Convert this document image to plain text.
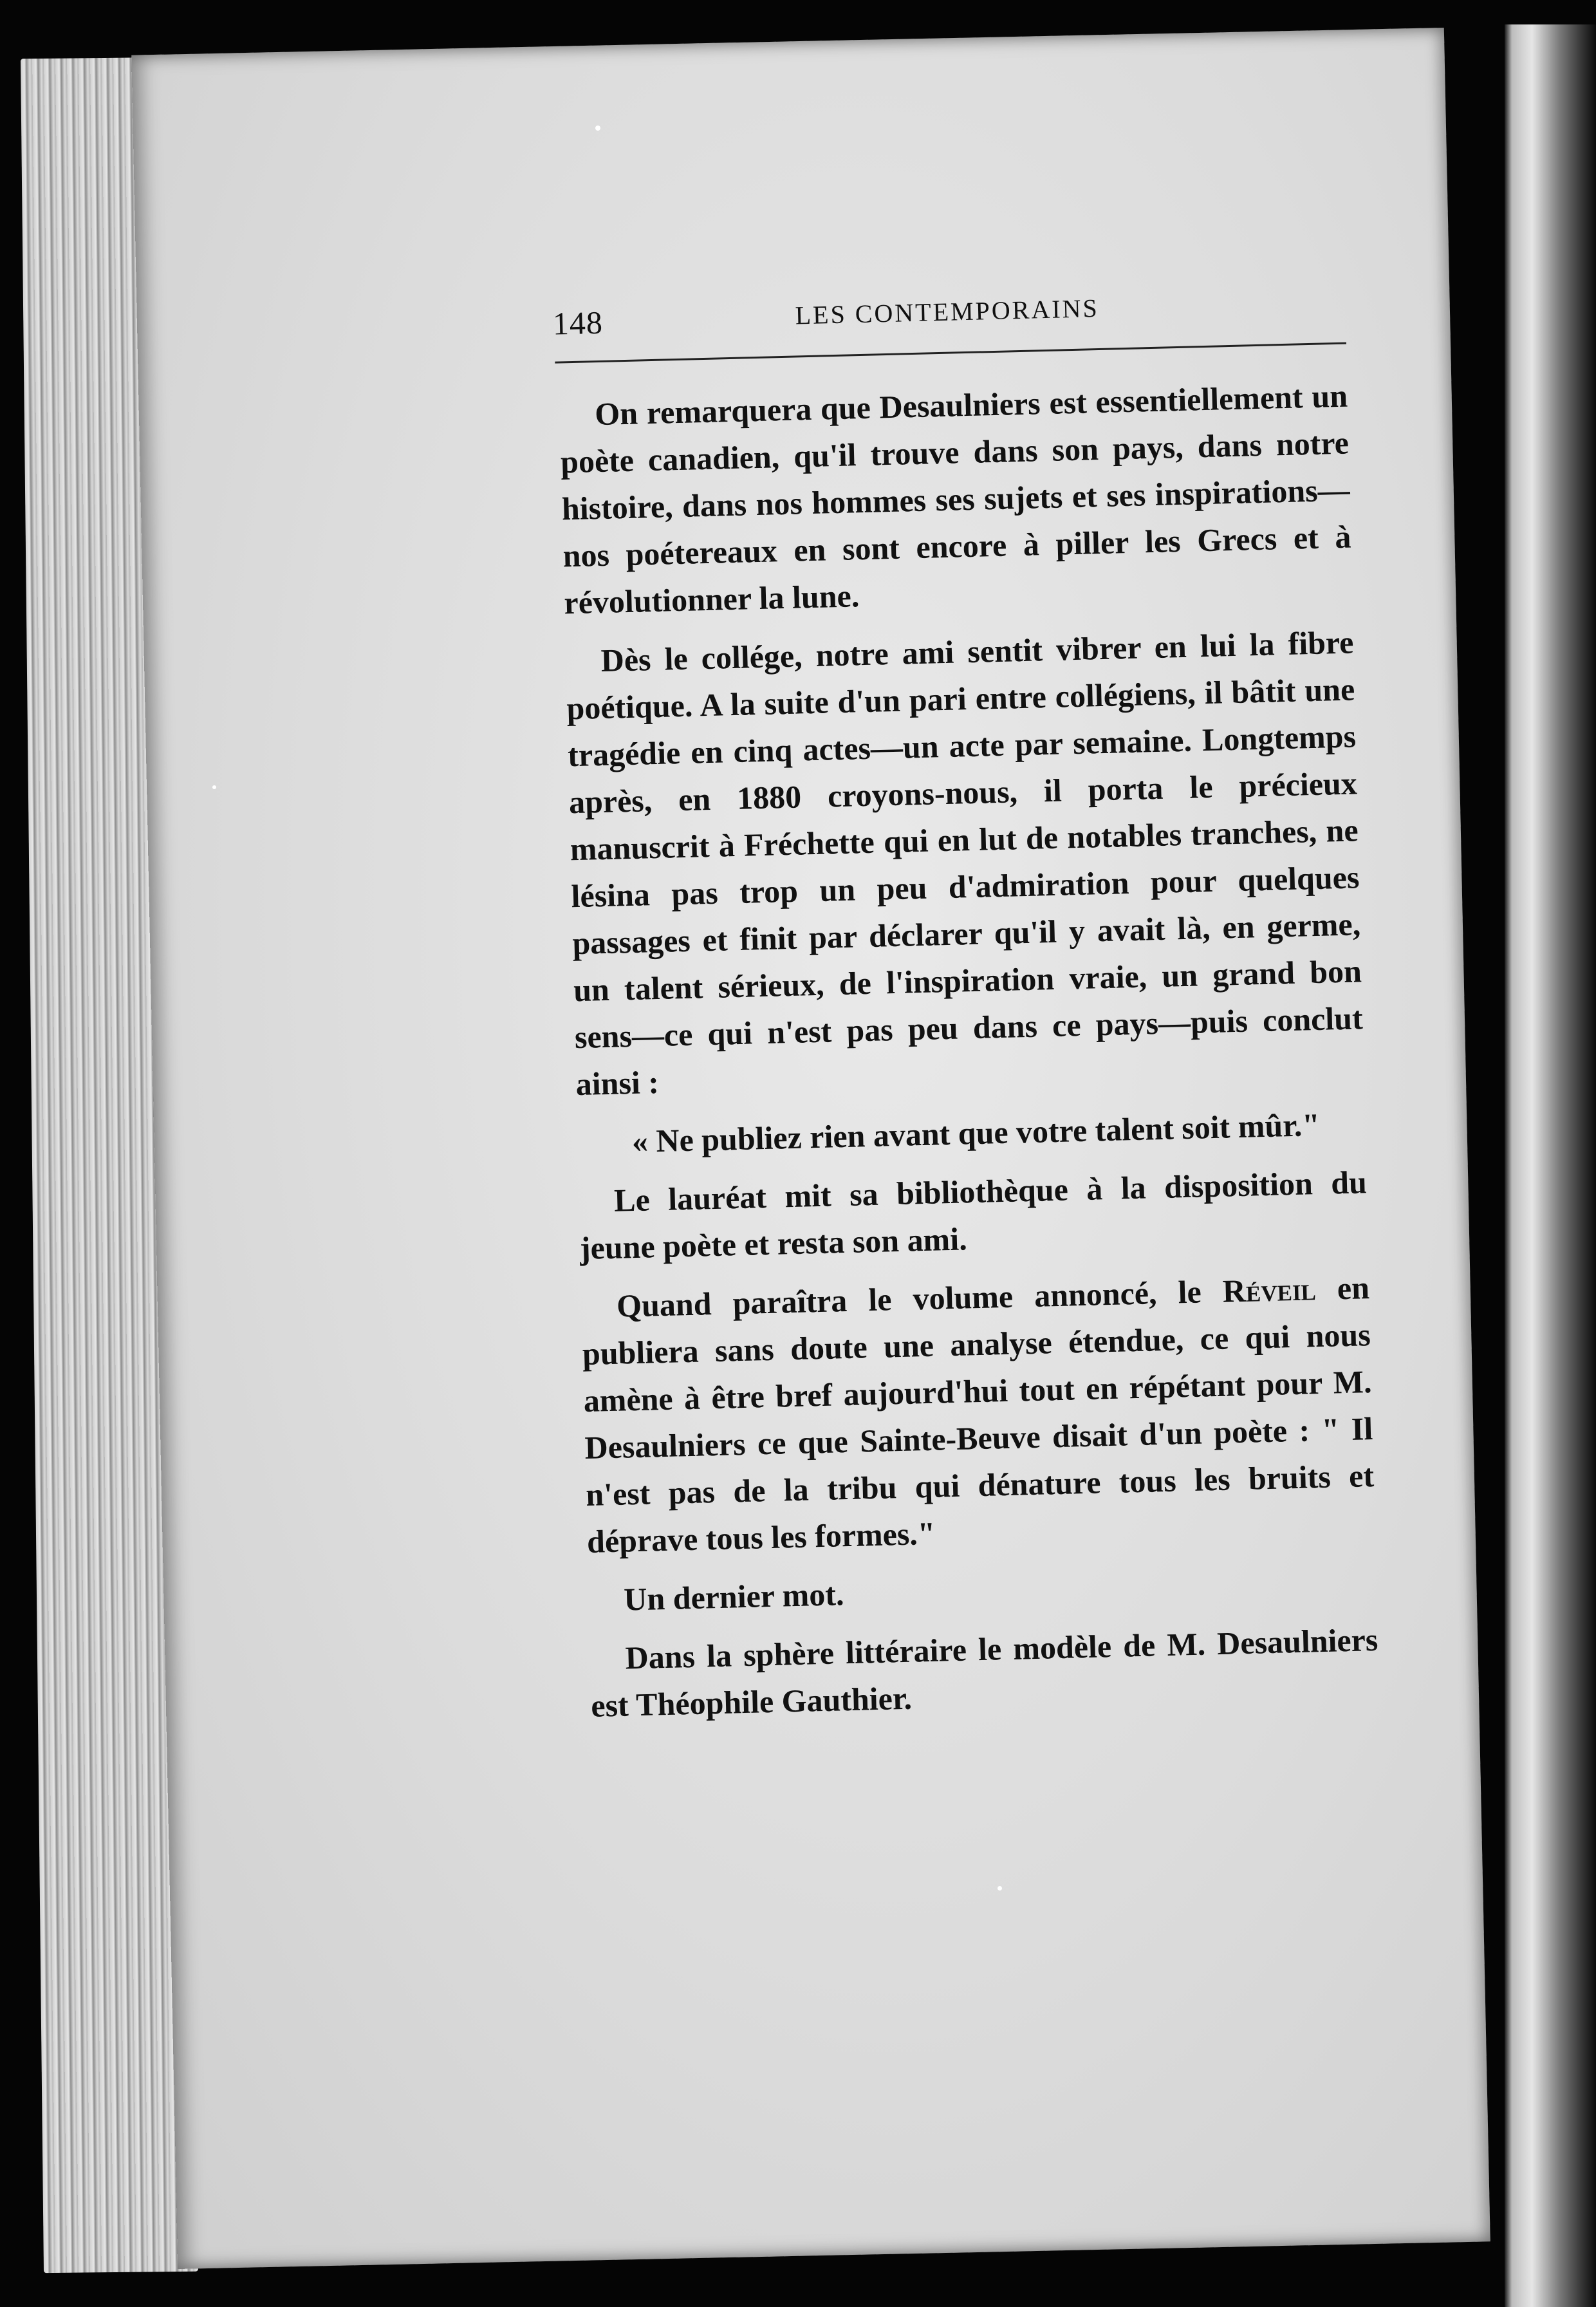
148	LES CONTEMPORAINS

On remarquera que Desaulniers est essentiellement un poète canadien, qu'il trouve dans son pays, dans notre histoire, dans nos hommes ses sujets et ses inspirations—nos poétereaux en sont encore à piller les Grecs et à révolutionner la lune.

Dès le collége, notre ami sentit vibrer en lui la fibre poétique. A la suite d'un pari entre collégiens, il bâtit une tragédie en cinq actes—un acte par semaine. Longtemps après, en 1880 croyons-nous, il porta le précieux manuscrit à Fréchette qui en lut de notables tranches, ne lésina pas trop un peu d'admiration pour quelques passages et finit par déclarer qu'il y avait là, en germe, un talent sérieux, de l'inspiration vraie, un grand bon sens—ce qui n'est pas peu dans ce pays—puis conclut ainsi :

« Ne publiez rien avant que votre talent soit mûr."

Le lauréat mit sa bibliothèque à la disposition du jeune poète et resta son ami.

Quand paraîtra le volume annoncé, le Réveil en publiera sans doute une analyse étendue, ce qui nous amène à être bref aujourd'hui tout en répétant pour M. Desaulniers ce que Sainte-Beuve disait d'un poète : " Il n'est pas de la tribu qui dénature tous les bruits et déprave tous les formes."

Un dernier mot.

Dans la sphère littéraire le modèle de M. Desaulniers est Théophile Gauthier.
